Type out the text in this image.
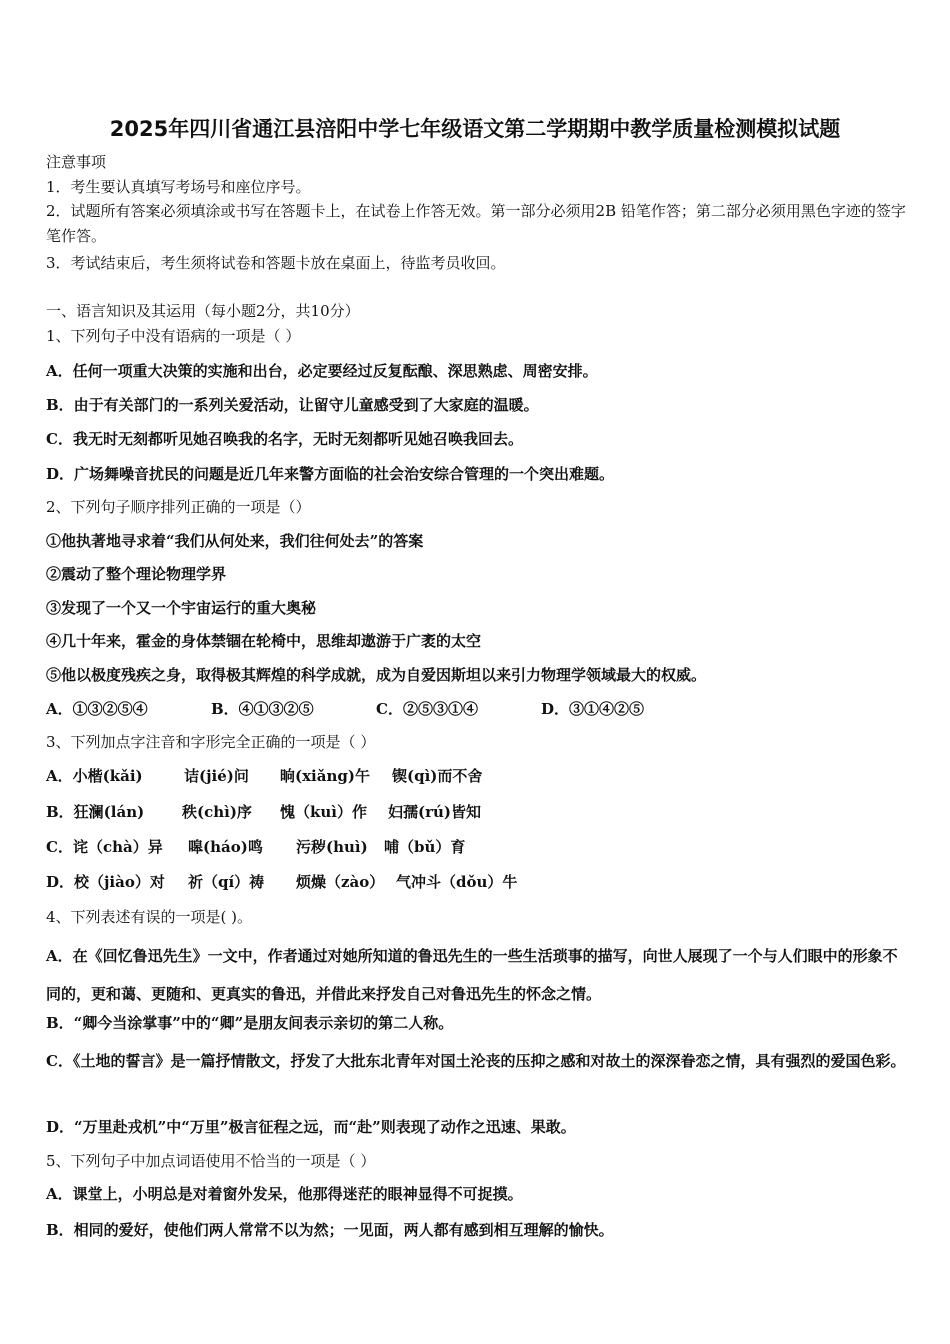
2025年四川省通江县涪阳中学七年级语文第二学期期中教学质量检测模拟试题
注意事项
1．考生要认真填写考场号和座位序号。
2．试题所有答案必须填涂或书写在答题卡上，在试卷上作答无效。第一部分必须用2B 铅笔作答；第二部分必须用黑色字迹的签字笔作答。
3．考试结束后，考生须将试卷和答题卡放在桌面上，待监考员收回。
一、语言知识及其运用（每小题2分，共10分）
1、下列句子中没有语病的一项是（ ）
A．任何一项重大决策的实施和出台，必定要经过反复酝酿、深思熟虑、周密安排。
B．由于有关部门的一系列关爱活动，让留守儿童感受到了大家庭的温暖。
C．我无时无刻都听见她召唤我的名字，无时无刻都听见她召唤我回去。
D．广场舞噪音扰民的问题是近几年来警方面临的社会治安综合管理的一个突出难题。
2、下列句子顺序排列正确的一项是（）
①他执著地寻求着“我们从何处来，我们往何处去”的答案
②震动了整个理论物理学界
③发现了一个又一个宇宙运行的重大奥秘
④几十年来，霍金的身体禁锢在轮椅中，思维却遨游于广袤的太空
⑤他以极度残疾之身，取得极其辉煌的科学成就，成为自爱因斯坦以来引力物理学领域最大的权威。
A．①③②⑤④	B．④①③②⑤	C．②⑤③①④	D．③①④②⑤
3、下列加点字注音和字形完全正确的一项是（ ）
A．小楷(kǎi)	诘(jié)问 晌(xiǎng)午 锲(qì)而不舍
B．狂澜(lán)	秩(chì)序 愧（kuì）作 妇孺(rú)皆知
C．诧（chà）异 嗥(háo)鸣 污秽(huì) 哺（bǔ）育
D．校（jiào）对 祈（qí）祷 烦燥（zào） 气冲斗（dǒu）牛
4、下列表述有误的一项是( )。
A．在《回忆鲁迅先生》一文中，作者通过对她所知道的鲁迅先生的一些生活琐事的描写，向世人展现了一个与人们眼中的形象不同的，更和蔼、更随和、更真实的鲁迅，并借此来抒发自己对鲁迅先生的怀念之情。
B．“卿今当涂掌事”中的“卿”是朋友间表示亲切的第二人称。
C．《土地的誓言》是一篇抒情散文，抒发了大批东北青年对国土沦丧的压抑之感和对故土的深深眷恋之情，具有强烈的爱国色彩。
D．“万里赴戎机”中“万里”极言征程之远，而“赴”则表现了动作之迅速、果敢。
5、下列句子中加点词语使用不恰当的一项是（ ）
A．课堂上，小明总是对着窗外发呆，他那得迷茫的眼神显得不可捉摸。
B．相同的爱好，使他们两人常常不以为然；一见面，两人都有感到相互理解的愉快。
